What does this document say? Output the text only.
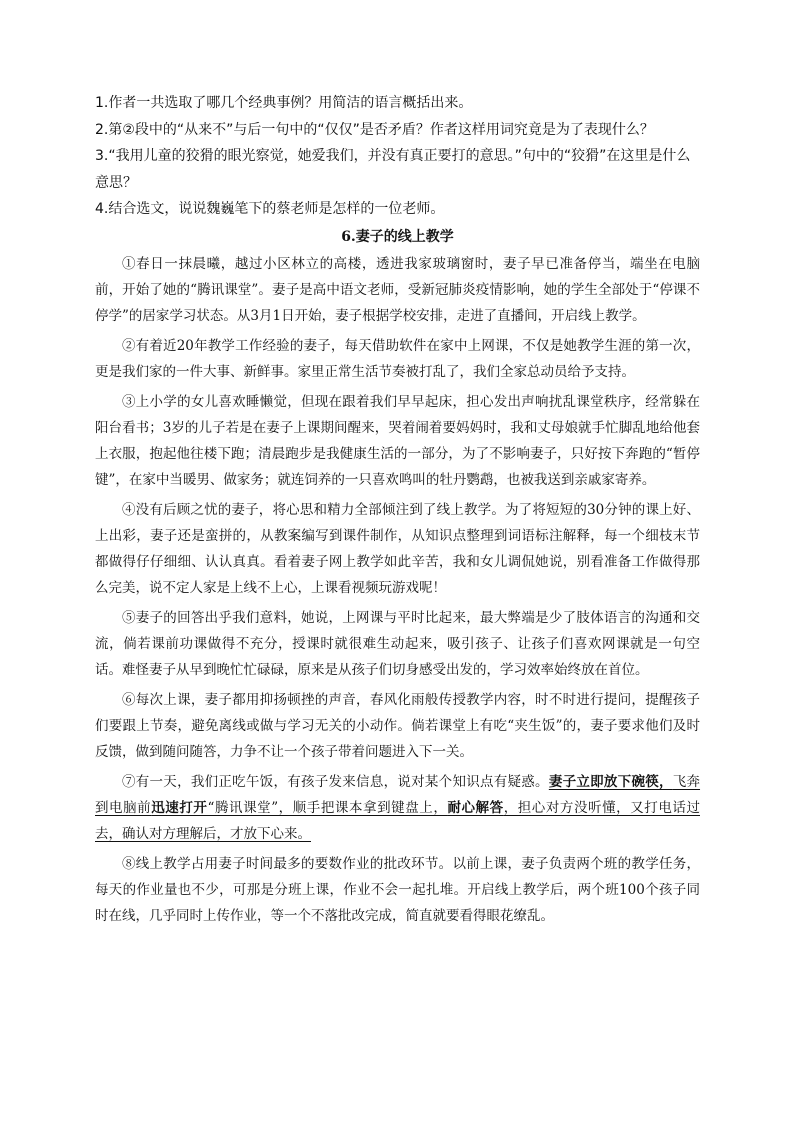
1.作者一共选取了哪几个经典事例？用简洁的语言概括出来。

2.第②段中的“从来不”与后一句中的“仅仅”是否矛盾？作者这样用词究竟是为了表现什么？

3.“我用儿童的狡猾的眼光察觉，她爱我们，并没有真正要打的意思。”句中的“狡猾”在这里是什么意思？

4.结合选文，说说魏巍笔下的蔡老师是怎样的一位老师。

6.妻子的线上教学

①春日一抹晨曦，越过小区林立的高楼，透进我家玻璃窗时，妻子早已准备停当，端坐在电脑前，开始了她的“腾讯课堂”。妻子是高中语文老师，受新冠肺炎疫情影响，她的学生全部处于“停课不停学”的居家学习状态。从3月1日开始，妻子根据学校安排，走进了直播间，开启线上教学。

②有着近20年教学工作经验的妻子，每天借助软件在家中上网课，不仅是她教学生涯的第一次，更是我们家的一件大事、新鲜事。家里正常生活节奏被打乱了，我们全家总动员给予支持。

③上小学的女儿喜欢睡懒觉，但现在跟着我们早早起床，担心发出声响扰乱课堂秩序，经常躲在阳台看书；3岁的儿子若是在妻子上课期间醒来，哭着闹着要妈妈时，我和丈母娘就手忙脚乱地给他套上衣服，抱起他往楼下跑；清晨跑步是我健康生活的一部分，为了不影响妻子，只好按下奔跑的“暂停键”，在家中当暖男、做家务；就连饲养的一只喜欢鸣叫的牡丹鹦鹉，也被我送到亲戚家寄养。

④没有后顾之忧的妻子，将心思和精力全部倾注到了线上教学。为了将短短的30分钟的课上好、上出彩，妻子还是蛮拼的，从教案编写到课件制作，从知识点整理到词语标注解释，每一个细枝末节都做得仔仔细细、认认真真。看着妻子网上教学如此辛苦，我和女儿调侃她说，别看准备工作做得那么完美，说不定人家是上线不上心，上课看视频玩游戏呢！

⑤妻子的回答出乎我们意料，她说，上网课与平时比起来，最大弊端是少了肢体语言的沟通和交流，倘若课前功课做得不充分，授课时就很难生动起来，吸引孩子、让孩子们喜欢网课就是一句空话。难怪妻子从早到晚忙忙碌碌，原来是从孩子们切身感受出发的，学习效率始终放在首位。

⑥每次上课，妻子都用抑扬顿挫的声音，春风化雨般传授教学内容，时不时进行提问，提醒孩子们要跟上节奏，避免离线或做与学习无关的小动作。倘若课堂上有吃“夹生饭”的，妻子要求他们及时反馈，做到随问随答，力争不让一个孩子带着问题进入下一关。

⑦有一天，我们正吃午饭，有孩子发来信息，说对某个知识点有疑惑。妻子立即放下碗筷，飞奔到电脑前迅速打开“腾讯课堂”，顺手把课本拿到键盘上，耐心解答，担心对方没听懂，又打电话过去，确认对方理解后，才放下心来。

⑧线上教学占用妻子时间最多的要数作业的批改环节。以前上课，妻子负责两个班的教学任务，每天的作业量也不少，可那是分班上课，作业不会一起扎堆。开启线上教学后，两个班100个孩子同时在线，几乎同时上传作业，等一个不落批改完成，简直就要看得眼花缭乱。
